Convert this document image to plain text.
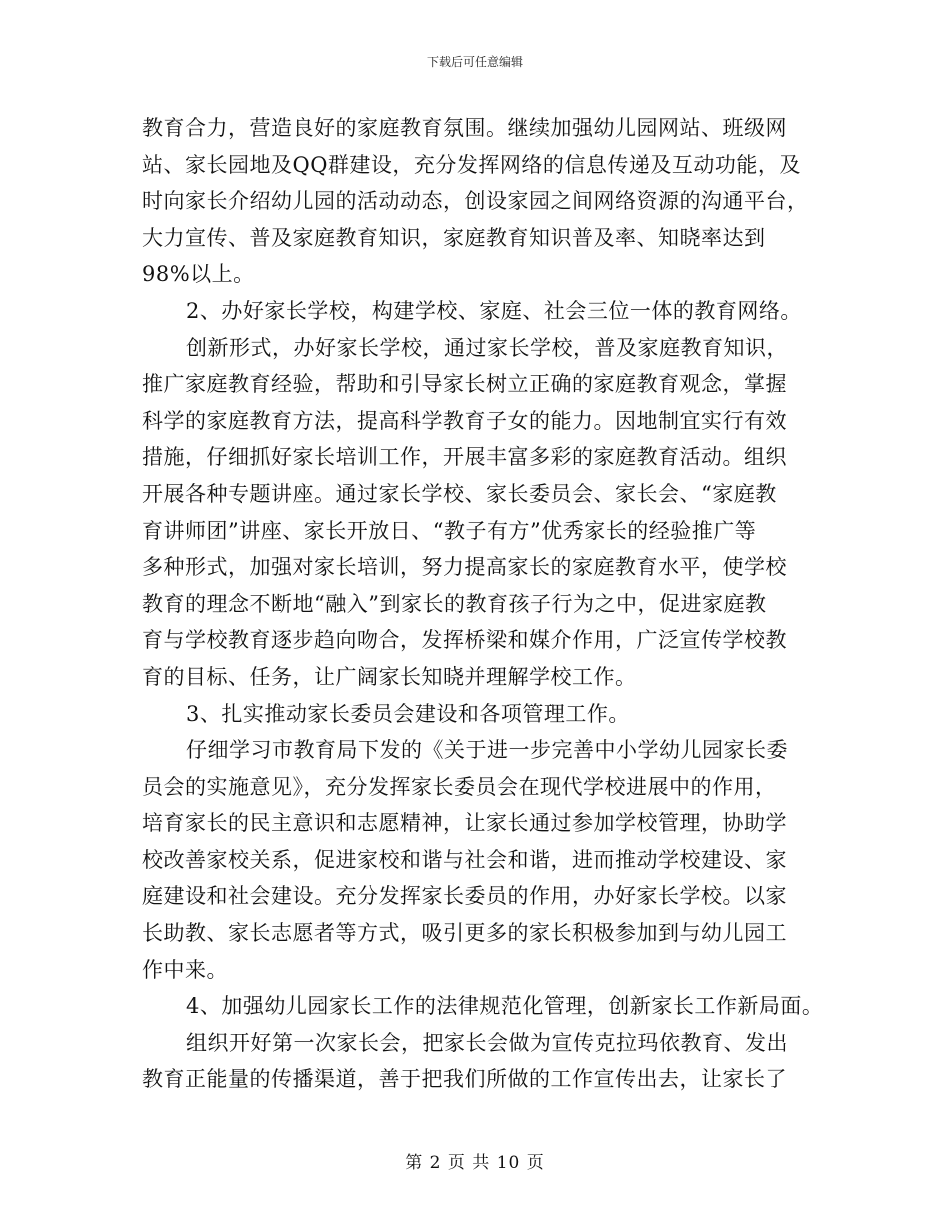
下载后可任意编辑
教育合力，营造良好的家庭教育氛围。继续加强幼儿园网站、班级网
站、家长园地及QQ群建设，充分发挥网络的信息传递及互动功能，及
时向家长介绍幼儿园的活动动态，创设家园之间网络资源的沟通平台，
大力宣传、普及家庭教育知识，家庭教育知识普及率、知晓率达到
98%以上。
2、办好家长学校，构建学校、家庭、社会三位一体的教育网络。
创新形式，办好家长学校，通过家长学校，普及家庭教育知识，
推广家庭教育经验，帮助和引导家长树立正确的家庭教育观念，掌握
科学的家庭教育方法，提高科学教育子女的能力。因地制宜实行有效
措施，仔细抓好家长培训工作，开展丰富多彩的家庭教育活动。组织
开展各种专题讲座。通过家长学校、家长委员会、家长会、“家庭教
育讲师团”讲座、家长开放日、“教子有方”优秀家长的经验推广等
多种形式，加强对家长培训，努力提高家长的家庭教育水平，使学校
教育的理念不断地“融入”到家长的教育孩子行为之中，促进家庭教
育与学校教育逐步趋向吻合，发挥桥梁和媒介作用，广泛宣传学校教
育的目标、任务，让广阔家长知晓并理解学校工作。
3、扎实推动家长委员会建设和各项管理工作。
仔细学习市教育局下发的《关于进一步完善中小学幼儿园家长委
员会的实施意见》，充分发挥家长委员会在现代学校进展中的作用，
培育家长的民主意识和志愿精神，让家长通过参加学校管理，协助学
校改善家校关系，促进家校和谐与社会和谐，进而推动学校建设、家
庭建设和社会建设。充分发挥家长委员的作用，办好家长学校。以家
长助教、家长志愿者等方式，吸引更多的家长积极参加到与幼儿园工
作中来。
4、加强幼儿园家长工作的法律规范化管理，创新家长工作新局面。
组织开好第一次家长会，把家长会做为宣传克拉玛依教育、发出
教育正能量的传播渠道，善于把我们所做的工作宣传出去，让家长了
第 2 页 共 10 页
